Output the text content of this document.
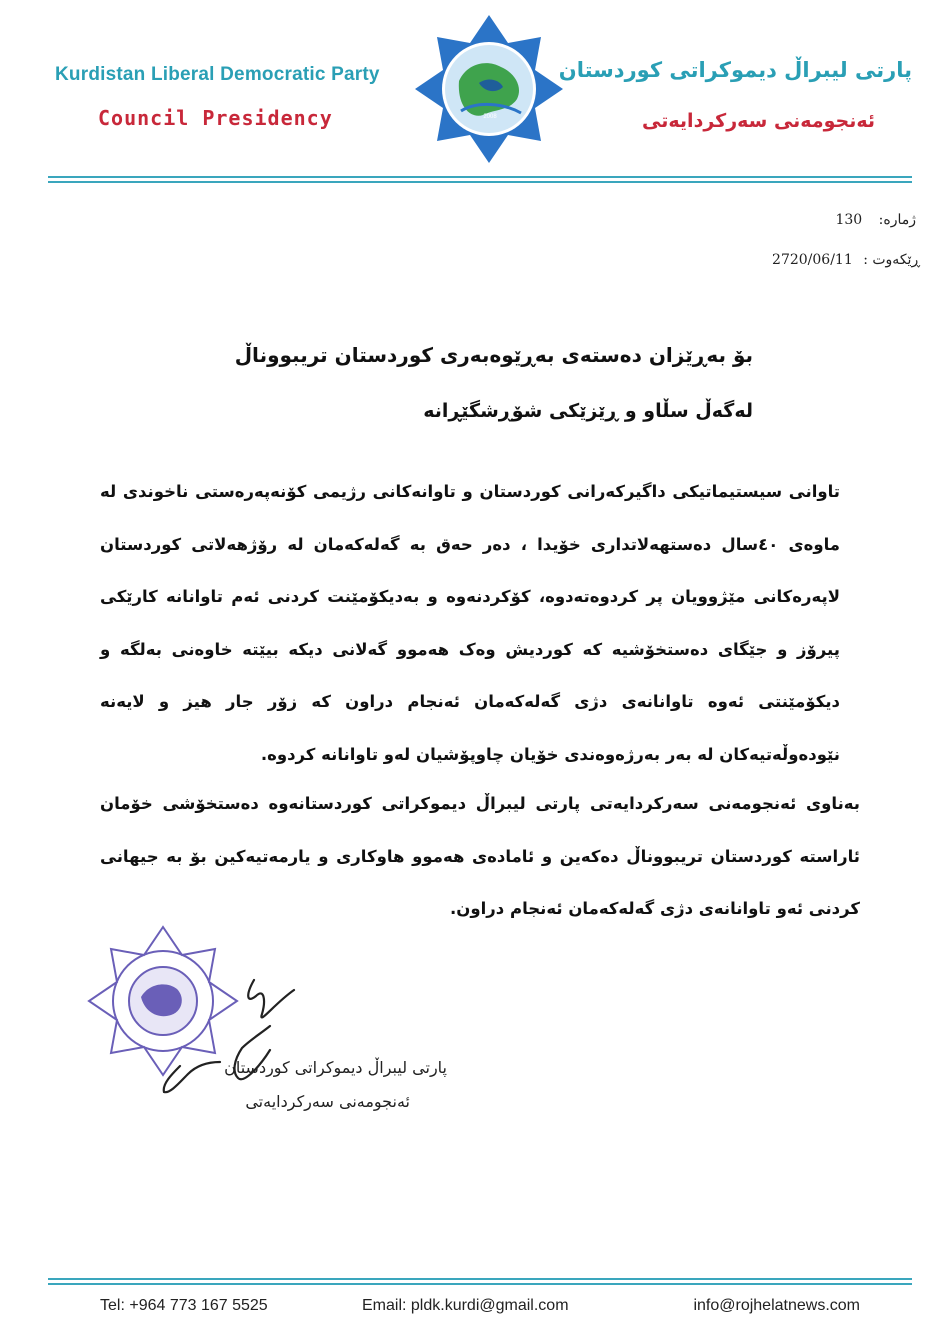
Kurdistan Liberal Democratic Party
Council Presidency
پارتی لیبراڵ دیموکراتی کوردستان
ئەنجومەنی سەرکردایەتی
2008
ژمارە: 130
ڕێکەوت : 2720/06/11
بۆ بەڕێزان دەستەی بەڕێوەبەری کوردستان تریبووناڵ
لەگەڵ سڵاو و ڕێزێکی شۆڕشگێڕانە
تاوانی سیستیماتیکی داگیرکەرانی کوردستان و تاوانەکانی رژیمی کۆنەپەرەستی ناخوندی لە ماوەی ٤٠سال دەستهەلاتداری خۆیدا ، دەر حەق بە گەلەکەمان لە رۆژهەلاتی کوردستان لاپەرەکانی مێژوویان پر کردوەتەدوە، کۆکردنەوە و بەدیکۆمێنت کردنی ئەم تاوانانە کارێکی پیرۆز و جێگای دەستخۆشیە کە کوردیش وەک هەموو گەلانی دیکە بیێتە خاوەنی بەلگە و دیکۆمێنتی ئەوە تاوانانەی دژی گەلەکەمان ئەنجام دراون کە زۆر جار هیز و لایەنە نێودەوڵەتیەکان لە بەر بەرژەوەندی خۆیان چاوپۆشیان لەو تاوانانە کردوە.
بەناوی ئەنجومەنی سەرکردایەتی پارتی لیبراڵ دیموکراتی کوردستانەوە دەستخۆشی خۆمان ئاراستە کوردستان تریبووناڵ دەکەین و ئامادەی هەموو هاوکاری و یارمەتیەکین بۆ بە جیهانی کردنی ئەو تاوانانەی دژی گەلەکەمان ئەنجام دراون.
پارتی لیبراڵ دیموکراتی کوردستان
ئەنجومەنی سەرکردایەتی
Tel: +964 773 167 5525	Email: pldk.kurdi@gmail.com	info@rojhelatnews.com
